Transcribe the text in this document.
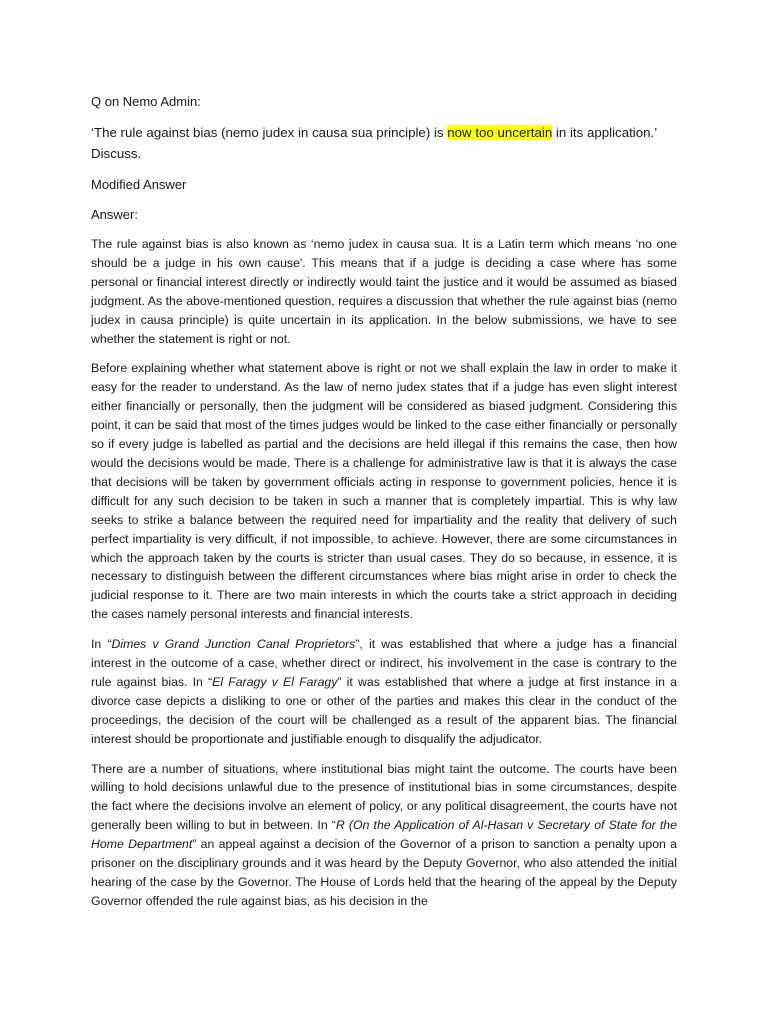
Q on Nemo Admin:

‘The rule against bias (nemo judex in causa sua principle) is now too uncertain in its application.’ Discuss.

Modified Answer

Answer:

The rule against bias is also known as ‘nemo judex in causa sua. It is a Latin term which means ‘no one should be a judge in his own cause'. This means that if a judge is deciding a case where has some personal or financial interest directly or indirectly would taint the justice and it would be assumed as biased judgment. As the above-mentioned question, requires a discussion that whether the rule against bias (nemo judex in causa principle) is quite uncertain in its application. In the below submissions, we have to see whether the statement is right or not.

Before explaining whether what statement above is right or not we shall explain the law in order to make it easy for the reader to understand. As the law of nemo judex states that if a judge has even slight interest either financially or personally, then the judgment will be considered as biased judgment. Considering this point, it can be said that most of the times judges would be linked to the case either financially or personally so if every judge is labelled as partial and the decisions are held illegal if this remains the case, then how would the decisions would be made. There is a challenge for administrative law is that it is always the case that decisions will be taken by government officials acting in response to government policies, hence it is difficult for any such decision to be taken in such a manner that is completely impartial. This is why law seeks to strike a balance between the required need for impartiality and the reality that delivery of such perfect impartiality is very difficult, if not impossible, to achieve. However, there are some circumstances in which the approach taken by the courts is stricter than usual cases. They do so because, in essence, it is necessary to distinguish between the different circumstances where bias might arise in order to check the judicial response to it. There are two main interests in which the courts take a strict approach in deciding the cases namely personal interests and financial interests.

In “Dimes v Grand Junction Canal Proprietors”, it was established that where a judge has a financial interest in the outcome of a case, whether direct or indirect, his involvement in the case is contrary to the rule against bias. In “El Faragy v El Faragy” it was established that where a judge at first instance in a divorce case depicts a disliking to one or other of the parties and makes this clear in the conduct of the proceedings, the decision of the court will be challenged as a result of the apparent bias. The financial interest should be proportionate and justifiable enough to disqualify the adjudicator.

There are a number of situations, where institutional bias might taint the outcome. The courts have been willing to hold decisions unlawful due to the presence of institutional bias in some circumstances, despite the fact where the decisions involve an element of policy, or any political disagreement, the courts have not generally been willing to but in between. In “R (On the Application of Al-Hasan v Secretary of State for the Home Department” an appeal against a decision of the Governor of a prison to sanction a penalty upon a prisoner on the disciplinary grounds and it was heard by the Deputy Governor, who also attended the initial hearing of the case by the Governor. The House of Lords held that the hearing of the appeal by the Deputy Governor offended the rule against bias, as his decision in the
